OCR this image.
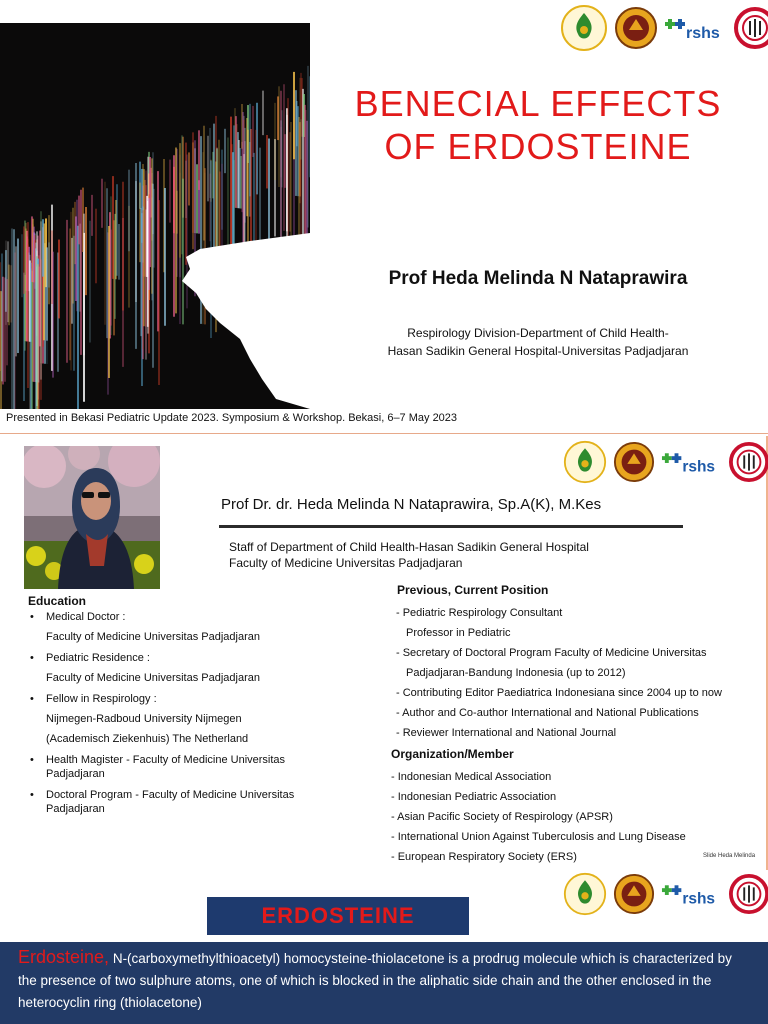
rshs
BENECIAL EFFECTS
OF ERDOSTEINE
Prof Heda Melinda N Nataprawira
Respirology Division-Department of Child Health-
Hasan Sadikin General Hospital-Universitas Padjadjaran
Presented in Bekasi Pediatric Update 2023. Symposium & Workshop. Bekasi, 6–7 May 2023
rshs
Prof Dr. dr. Heda Melinda N Nataprawira, Sp.A(K), M.Kes
Staff of Department of Child Health-Hasan Sadikin General Hospital
Faculty of Medicine Universitas Padjadjaran
Education
• Medical Doctor :
Faculty of Medicine Universitas Padjadjaran
• Pediatric Residence :
Faculty of Medicine Universitas Padjadjaran
• Fellow in Respirology :
Nijmegen-Radboud University Nijmegen
(Academisch Ziekenhuis) The Netherland
• Health Magister - Faculty of Medicine Universitas Padjadjaran
• Doctoral Program - Faculty of Medicine Universitas Padjadjaran
Previous, Current Position
- Pediatric Respirology Consultant
Professor in Pediatric
- Secretary of Doctoral Program Faculty of Medicine Universitas
Padjadjaran-Bandung Indonesia (up to 2012)
- Contributing Editor Paediatrica Indonesiana since 2004 up to now
- Author and Co-author International and National Publications
- Reviewer International and National Journal
Organization/Member
- Indonesian Medical Association
- Indonesian Pediatric Association
- Asian Pacific Society of Respirology (APSR)
- International Union Against Tuberculosis and Lung Disease
- European Respiratory Society (ERS)	Slide Heda Melinda
rshs
ERDOSTEINE
Erdosteine, N-(carboxymethylthioacetyl) homocysteine-thiolacetone is a prodrug molecule which is characterized by the presence of two sulphure atoms, one of which is blocked in the aliphatic side chain and the other enclosed in the heterocyclin ring (thiolacetone)
